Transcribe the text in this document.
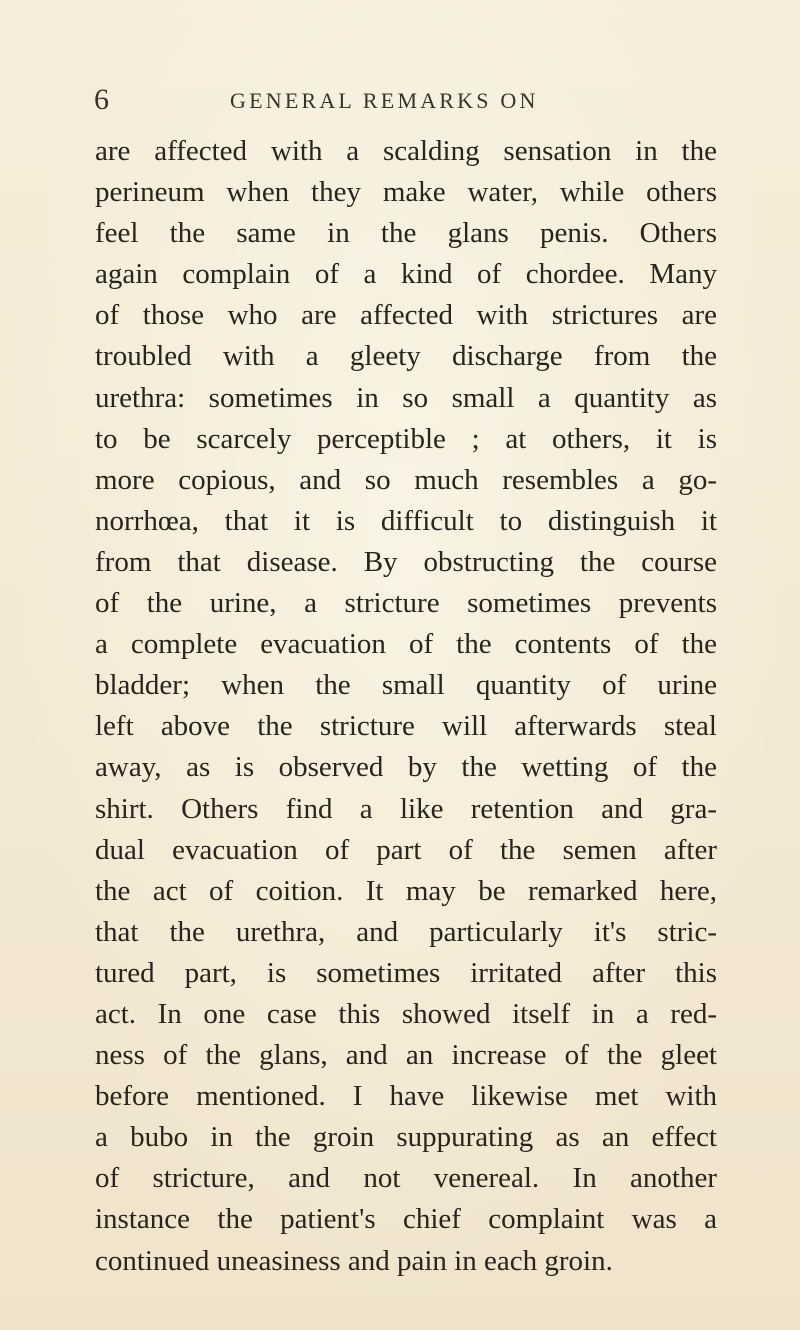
6	GENERAL REMARKS ON
are affected with a scalding sensation in the
perineum when they make water, while others
feel the same in the glans penis. Others
again complain of a kind of chordee. Many
of those who are affected with strictures are
troubled with a gleety discharge from the
urethra: sometimes in so small a quantity as
to be scarcely perceptible ; at others, it is
more copious, and so much resembles a go-
norrhœa, that it is difficult to distinguish it
from that disease. By obstructing the course
of the urine, a stricture sometimes prevents
a complete evacuation of the contents of the
bladder; when the small quantity of urine
left above the stricture will afterwards steal
away, as is observed by the wetting of the
shirt. Others find a like retention and gra-
dual evacuation of part of the semen after
the act of coition. It may be remarked here,
that the urethra, and particularly it's stric-
tured part, is sometimes irritated after this
act. In one case this showed itself in a red-
ness of the glans, and an increase of the gleet
before mentioned. I have likewise met with
a bubo in the groin suppurating as an effect
of stricture, and not venereal. In another
instance the patient's chief complaint was a
continued uneasiness and pain in each groin.
